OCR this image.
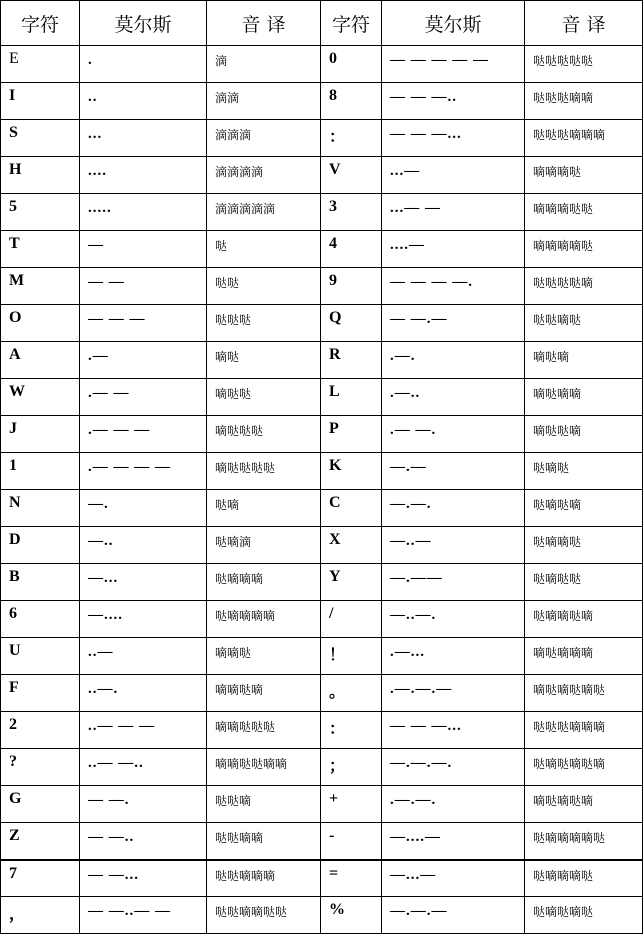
字符	莫尔斯	音 译	字符	莫尔斯	音 译
E	.	滴	0	— — — — —	哒哒哒哒哒
I	..	滴滴	8	— — —..	哒哒哒嘀嘀
S	...	滴滴滴	：	— — —...	哒哒哒嘀嘀嘀
H	....	滴滴滴滴	V	...—	嘀嘀嘀哒
5	.....	滴滴滴滴滴	3	...— —	嘀嘀嘀哒哒
T	—	哒	4	....—	嘀嘀嘀嘀哒
M	— —	哒哒	9	— — — —.	哒哒哒哒嘀
O	— — —	哒哒哒	Q	— —.—	哒哒嘀哒
A	.—	嘀哒	R	.—.	嘀哒嘀
W	.— —	嘀哒哒	L	.—..	嘀哒嘀嘀
J	.— — —	嘀哒哒哒	P	.— —.	嘀哒哒嘀
1	.— — — —	嘀哒哒哒哒	K	—.—	哒嘀哒
N	—.	哒嘀	C	—.—.	哒嘀哒嘀
D	—..	哒嘀滴	X	—..—	哒嘀嘀哒
B	—...	哒嘀嘀嘀	Y	—.——	哒嘀哒哒
6	—....	哒嘀嘀嘀嘀	/	—..—.	哒嘀嘀哒嘀
U	..—	嘀嘀哒	！	.—...	嘀哒嘀嘀嘀
F	..—.	嘀嘀哒嘀	。	.—.—.—	嘀哒嘀哒嘀哒
2	..— — —	嘀嘀哒哒哒	：	— — —...	哒哒哒嘀嘀嘀
?	..— —..	嘀嘀哒哒嘀嘀	；	—.—.—.	哒嘀哒嘀哒嘀
G	— —.	哒哒嘀	+	.—.—.	嘀哒嘀哒嘀
Z	— —..	哒哒嘀嘀	-	—....—	哒嘀嘀嘀嘀哒
7	— —...	哒哒嘀嘀嘀	=	—...—	哒嘀嘀嘀哒
，	— —..— —	哒哒嘀嘀哒哒	%	—.—.—	哒嘀哒嘀哒
